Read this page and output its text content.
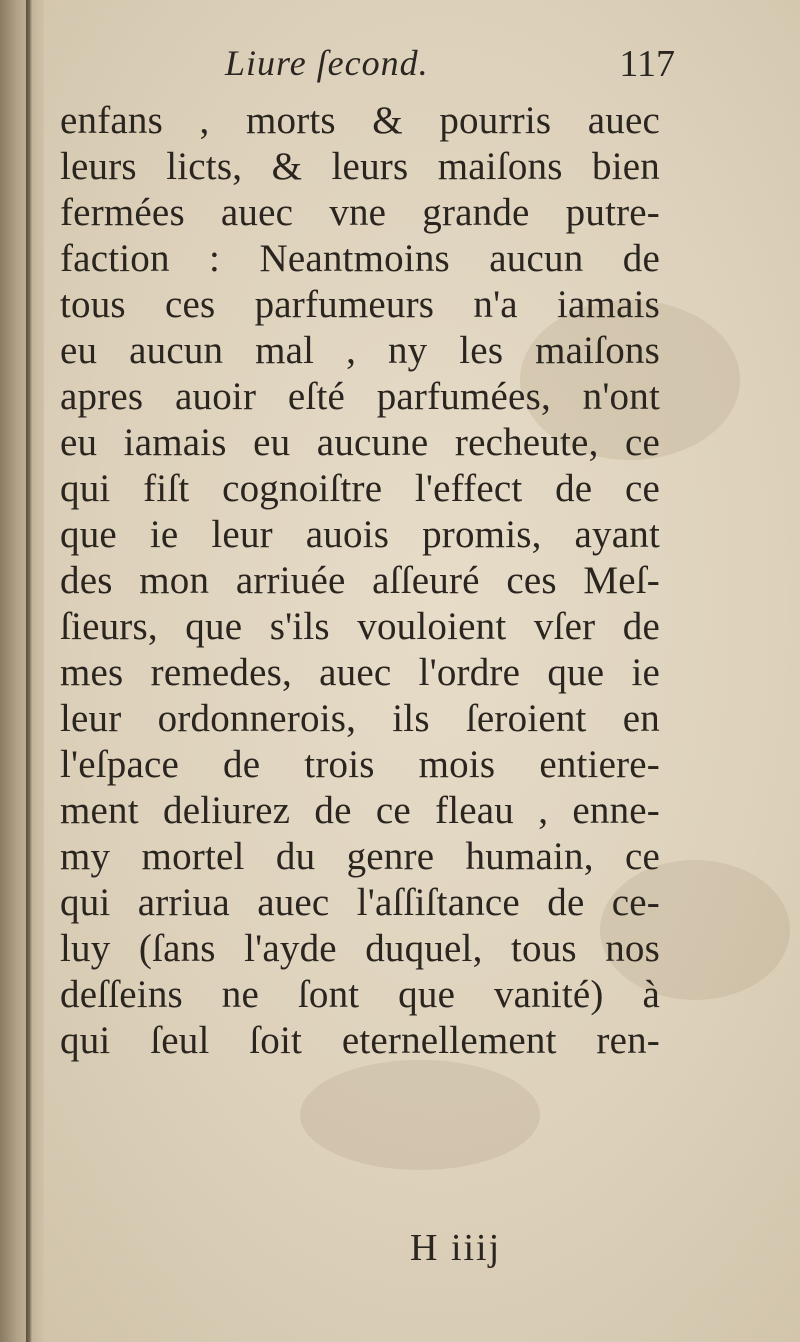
Liure ſecond.	117
enfans , morts & pourris auec
leurs licts, & leurs maiſons bien
fermées auec vne grande putre-
faction : Neantmoins aucun de
tous ces parfumeurs n'a iamais
eu aucun mal , ny les maiſons
apres auoir eſté parfumées, n'ont
eu iamais eu aucune recheute, ce
qui fiſt cognoiſtre l'effect de ce
que ie leur auois promis, ayant
des mon arriuée aſſeuré ces Meſ-
ſieurs, que s'ils vouloient vſer de
mes remedes, auec l'ordre que ie
leur ordonnerois, ils ſeroient en
l'eſpace de trois mois entiere-
ment deliurez de ce fleau , enne-
my mortel du genre humain, ce
qui arriua auec l'aſſiſtance de ce-
luy (ſans l'ayde duquel, tous nos
deſſeins ne ſont que vanité) à
qui ſeul ſoit eternellement ren-
H iiij
